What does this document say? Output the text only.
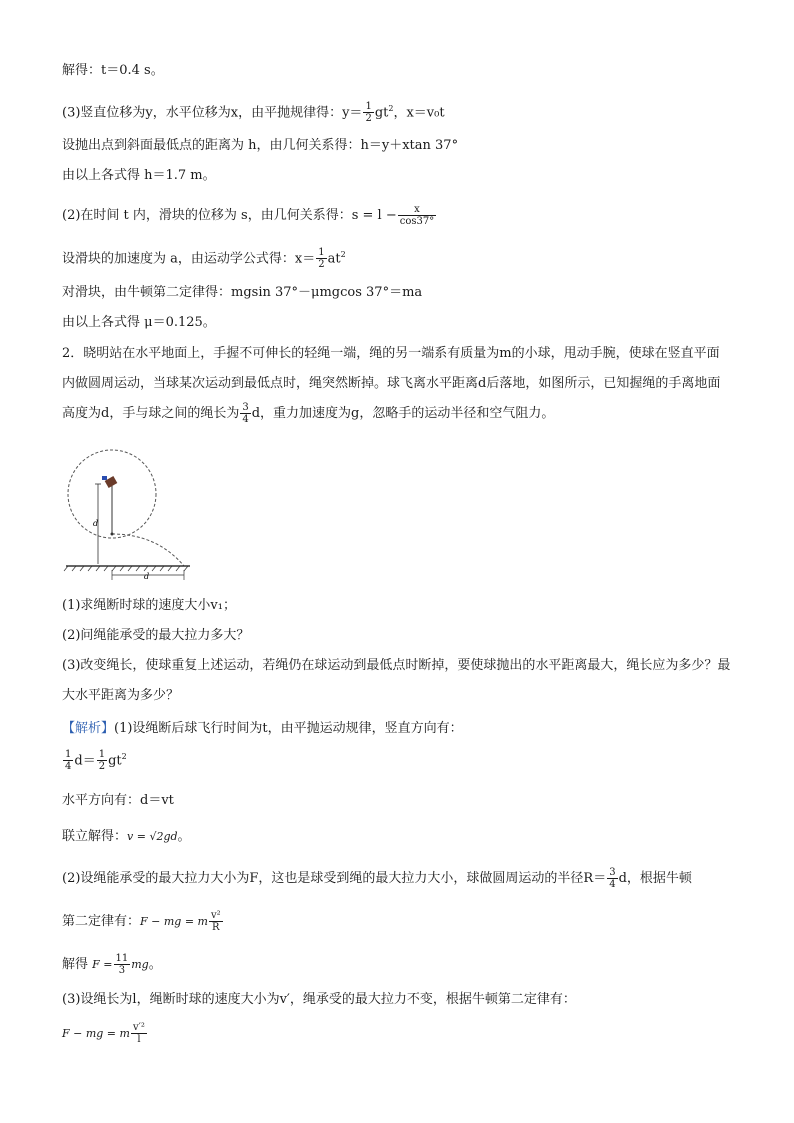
解得：t＝0.4 s。
(3)竖直位移为y，水平位移为x，由平抛规律得：$y= \frac{1}{2} gt^2$，x＝v₀t
设抛出点到斜面最低点的距离为 h，由几何关系得：h＝y＋xtan 37°
由以上各式得 h＝1.7 m。
(2)在时间 t 内，滑块的位移为 s，由几何关系得：$s = l - \frac{x}{\cos 37^\circ}$
设滑块的加速度为 a，由运动学公式得：$x= \frac{1}{2} at^2$
对滑块，由牛顿第二定律得：mgsin 37°－μmgcos 37°＝ma
由以上各式得 μ＝0.125。
2．晓明站在水平地面上，手握不可伸长的轻绳一端，绳的另一端系有质量为m的小球，甩动手腕，使球在竖直平面内做圆周运动，当球某次运动到最低点时，绳突然断掉。球飞离水平距离d后落地，如图所示，已知握绳的手离地面高度为d，手与球之间的绳长为 $\frac{3}{4}$ d，重力加速度为g，忽略手的运动半径和空气阻力。
d
d
(1)求绳断时球的速度大小v₁；
(2)问绳能承受的最大拉力多大？
(3)改变绳长，使球重复上述运动，若绳仍在球运动到最低点时断掉，要使球抛出的水平距离最大，绳长应为多少？最大水平距离为多少？
【解析】(1)设绳断后球飞行时间为t，由平抛运动规律，竖直方向有：
$\frac{1}{4} d= \frac{1}{2} gt^2$
水平方向有：d＝vt
联立解得：v = √2gd。
(2)设绳能承受的最大拉力大小为F，这也是球受到绳的最大拉力大小，球做圆周运动的半径$R= \frac{3}{4}$ d，根据牛顿
第二定律有：F − mg = m $\frac{\text{v²}}{R}$
解得 $F = \frac{11}{3}$ mg。
(3)设绳长为l，绳断时球的速度大小为v′，绳承受的最大拉力不变，根据牛顿第二定律有：
F − mg = m $\frac{\text{v′²}}{l}$
